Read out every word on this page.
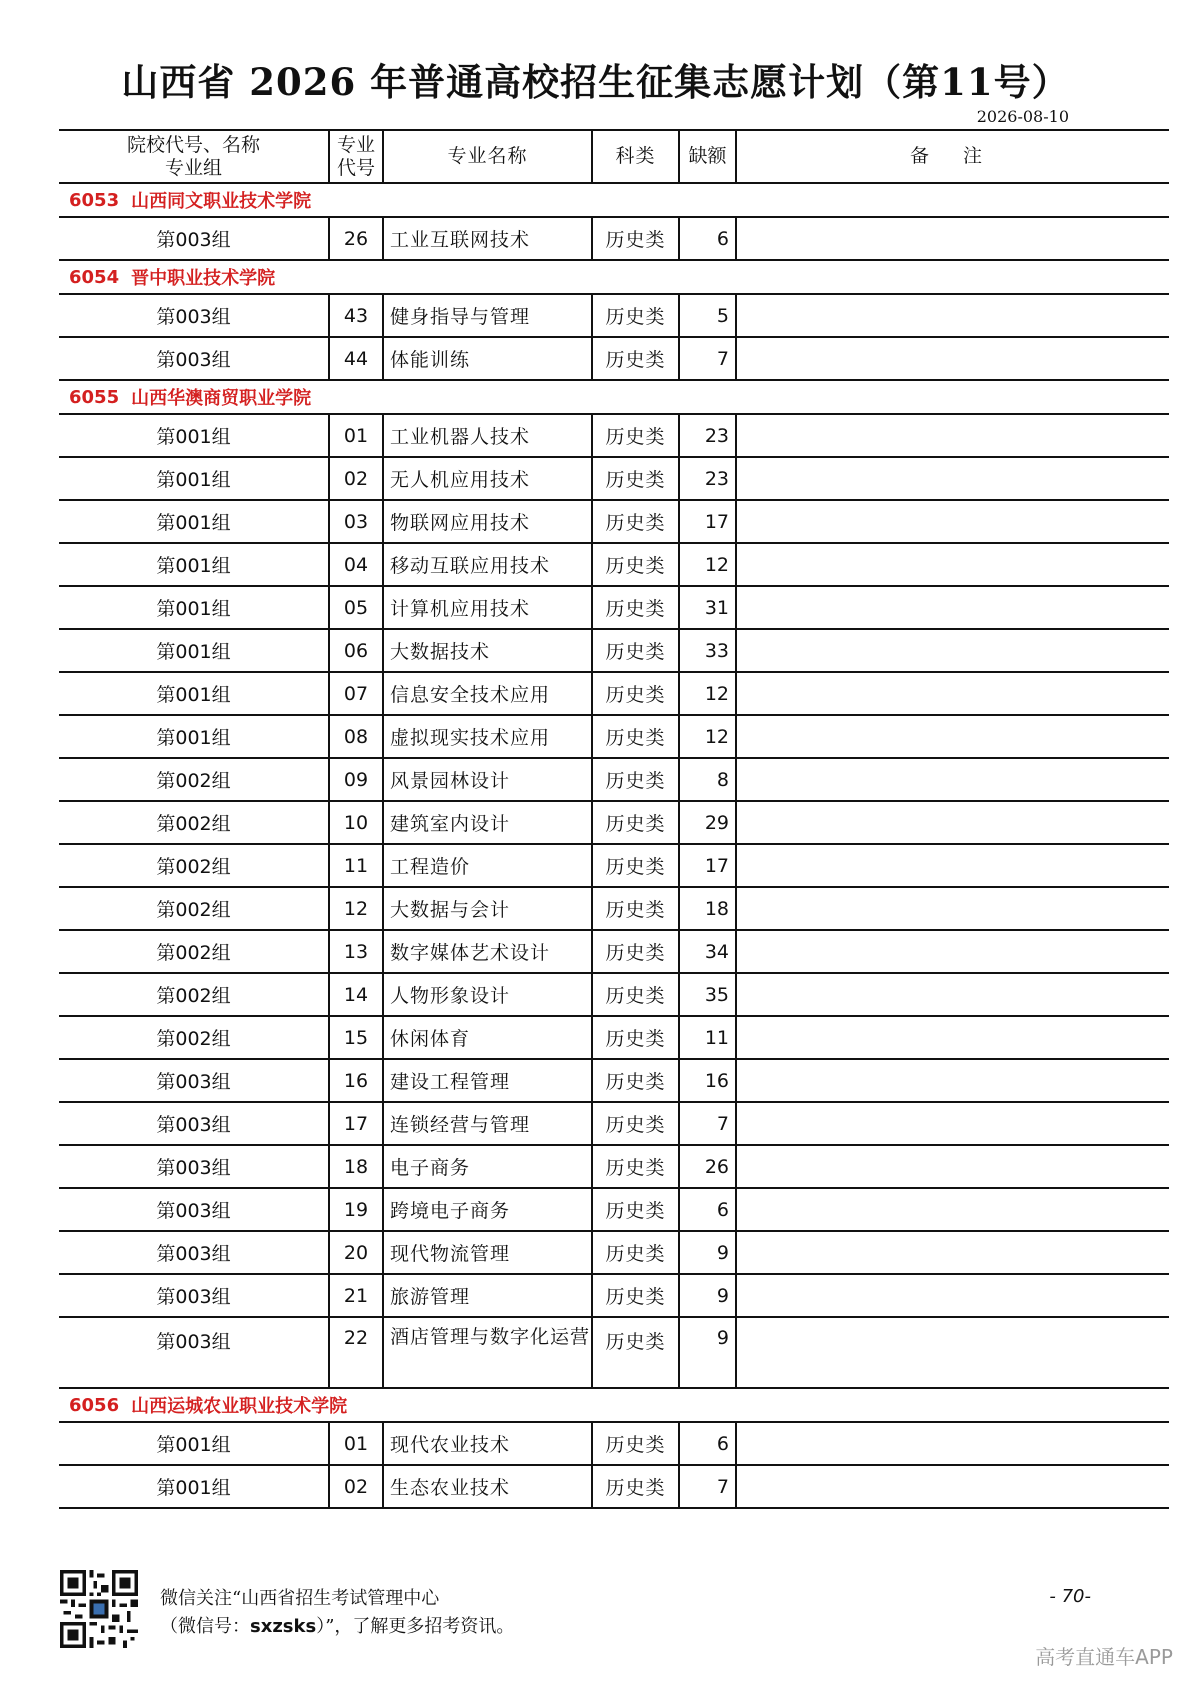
山西省 2026 年普通高校招生征集志愿计划（第11号）
2026-08-10
院校代号、名称
专业组
专业
代号
专业名称	科类	缺额	备 注
6053 山西同文职业技术学院
第003组	26	工业互联网技术	历史类	6
6054 晋中职业技术学院
第003组	43	健身指导与管理	历史类	5
第003组	44	体能训练	历史类	7
6055 山西华澳商贸职业学院
第001组	01	工业机器人技术	历史类	23
第001组	02	无人机应用技术	历史类	23
第001组	03	物联网应用技术	历史类	17
第001组	04	移动互联应用技术	历史类	12
第001组	05	计算机应用技术	历史类	31
第001组	06	大数据技术	历史类	33
第001组	07	信息安全技术应用	历史类	12
第001组	08	虚拟现实技术应用	历史类	12
第002组	09	风景园林设计	历史类	8
第002组	10	建筑室内设计	历史类	29
第002组	11	工程造价	历史类	17
第002组	12	大数据与会计	历史类	18
第002组	13	数字媒体艺术设计	历史类	34
第002组	14	人物形象设计	历史类	35
第002组	15	休闲体育	历史类	11
第003组	16	建设工程管理	历史类	16
第003组	17	连锁经营与管理	历史类	7
第003组	18	电子商务	历史类	26
第003组	19	跨境电子商务	历史类	6
第003组	20	现代物流管理	历史类	9
第003组	21	旅游管理	历史类	9
第003组	22	酒店管理与数字化运营 历史类	9
6056 山西运城农业职业技术学院
第001组	01	现代农业技术	历史类	6
第001组	02	生态农业技术	历史类	7
微信关注“山西省招生考试管理中心
（微信号：sxzsks）”，了解更多招考资讯。
- 70-
高考直通车APP
